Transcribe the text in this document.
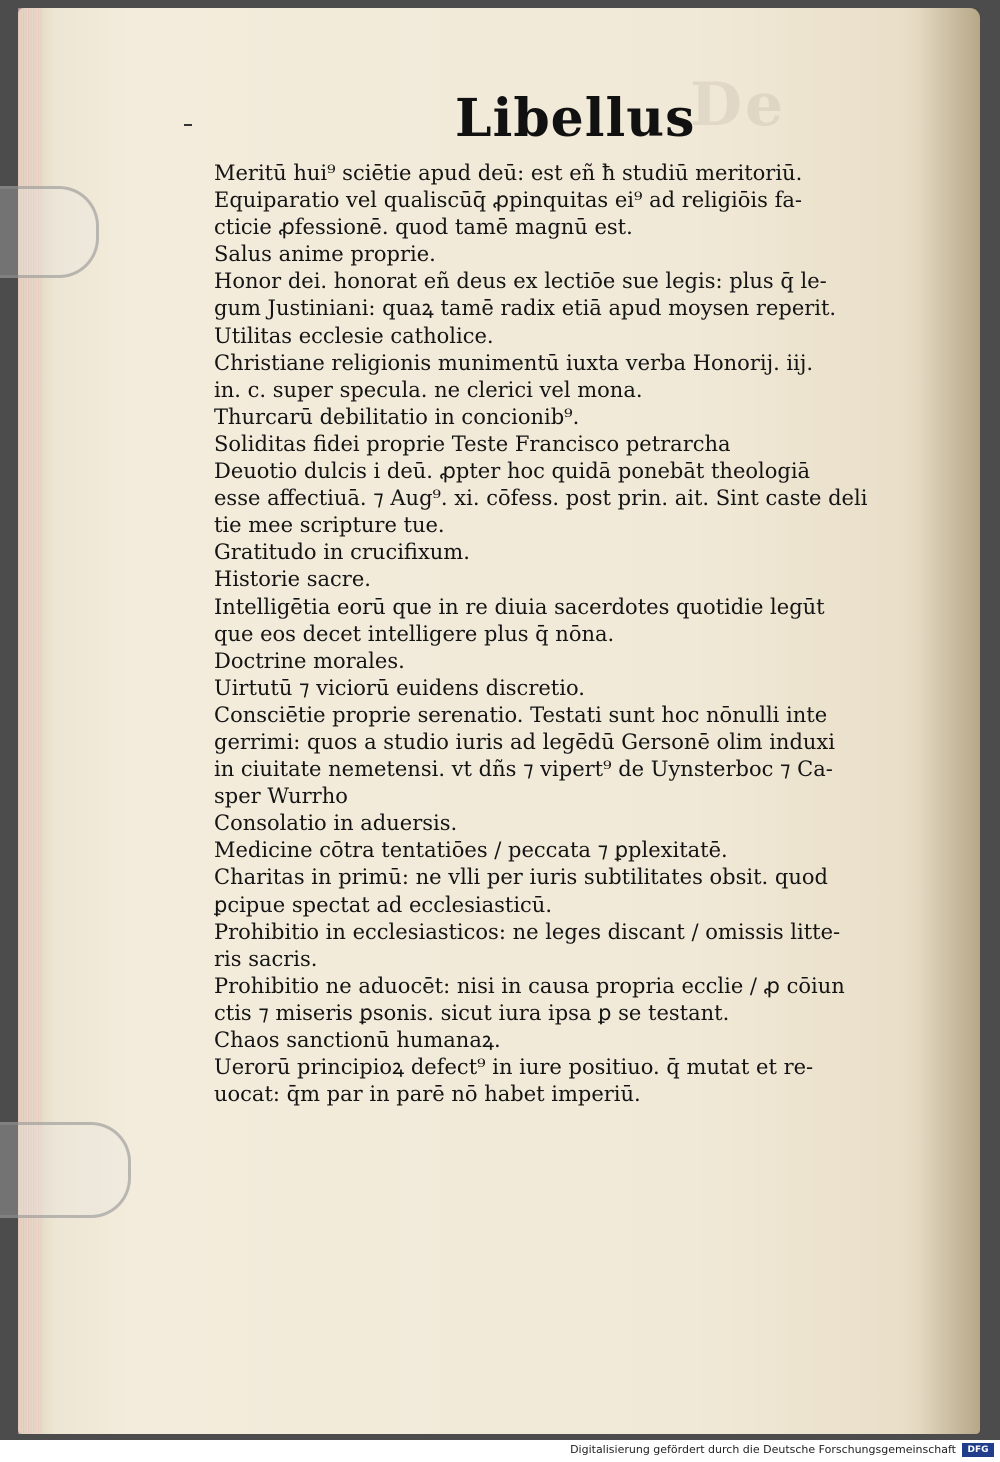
De

Libellus
Meritū hui⁹ sciētie apud deū: est eñ ħ studiū meritoriū.
Equiparatio vel qualiscūq̄ ꝓpinquitas ei⁹ ad religiōis fa-
cticie ꝓfessionē. quod tamē magnū est.
Salus anime proprie.
Honor dei. honorat eñ deus ex lectiōe sue legis: plus q̄ le-
gum Justiniani: quaꝝ tamē radix etiā apud moysen reperit.
Utilitas ecclesie catholice.
Christiane religionis munimentū iuxta verba Honorij. iij.
in. c. super specula. ne clerici vel mona.
Thurcarū debilitatio in concionib⁹.
Soliditas fidei proprie Teste Francisco petrarcha
Deuotio dulcis i deū. ꝓpter hoc quidā ponebāt theologiā
esse affectiuā. ⁊ Aug⁹. xi. cōfess. post prin. ait. Sint caste deli
tie mee scripture tue.
Gratitudo in crucifixum.
Historie sacre.
Intelligētia eorū que in re diuia sacerdotes quotidie legūt
que eos decet intelligere plus q̄ nōna.
Doctrine morales.
Uirtutū ⁊ viciorū euidens discretio.
Consciētie proprie serenatio. Testati sunt hoc nōnulli inte
gerrimi: quos a studio iuris ad legēdū Gersonē olim induxi
in ciuitate nemetensi. vt dñs ⁊ vipert⁹ de Uynsterboc ⁊ Ca-
sper Wurrho
Consolatio in aduersis.
Medicine cōtra tentatiōes / peccata ⁊ ꝑplexitatē.
Charitas in primū: ne vlli per iuris subtilitates obsit. quod
ꝑcipue spectat ad ecclesiasticū.
Prohibitio in ecclesiasticos: ne leges discant / omissis litte-
ris sacris.
Prohibitio ne aduocēt: nisi in causa propria ecclie / ꝓ cōiun
ctis ⁊ miseris ꝑsonis. sicut iura ipsa ꝑ se testant.
Chaos sanctionū humanaꝝ.
Uerorū principioꝝ defect⁹ in iure positiuo. q̄ mutat et re-
uocat: q̄m par in parē nō habet imperiū.
Digitalisierung gefördert durch die Deutsche Forschungsgemeinschaft	DFG
